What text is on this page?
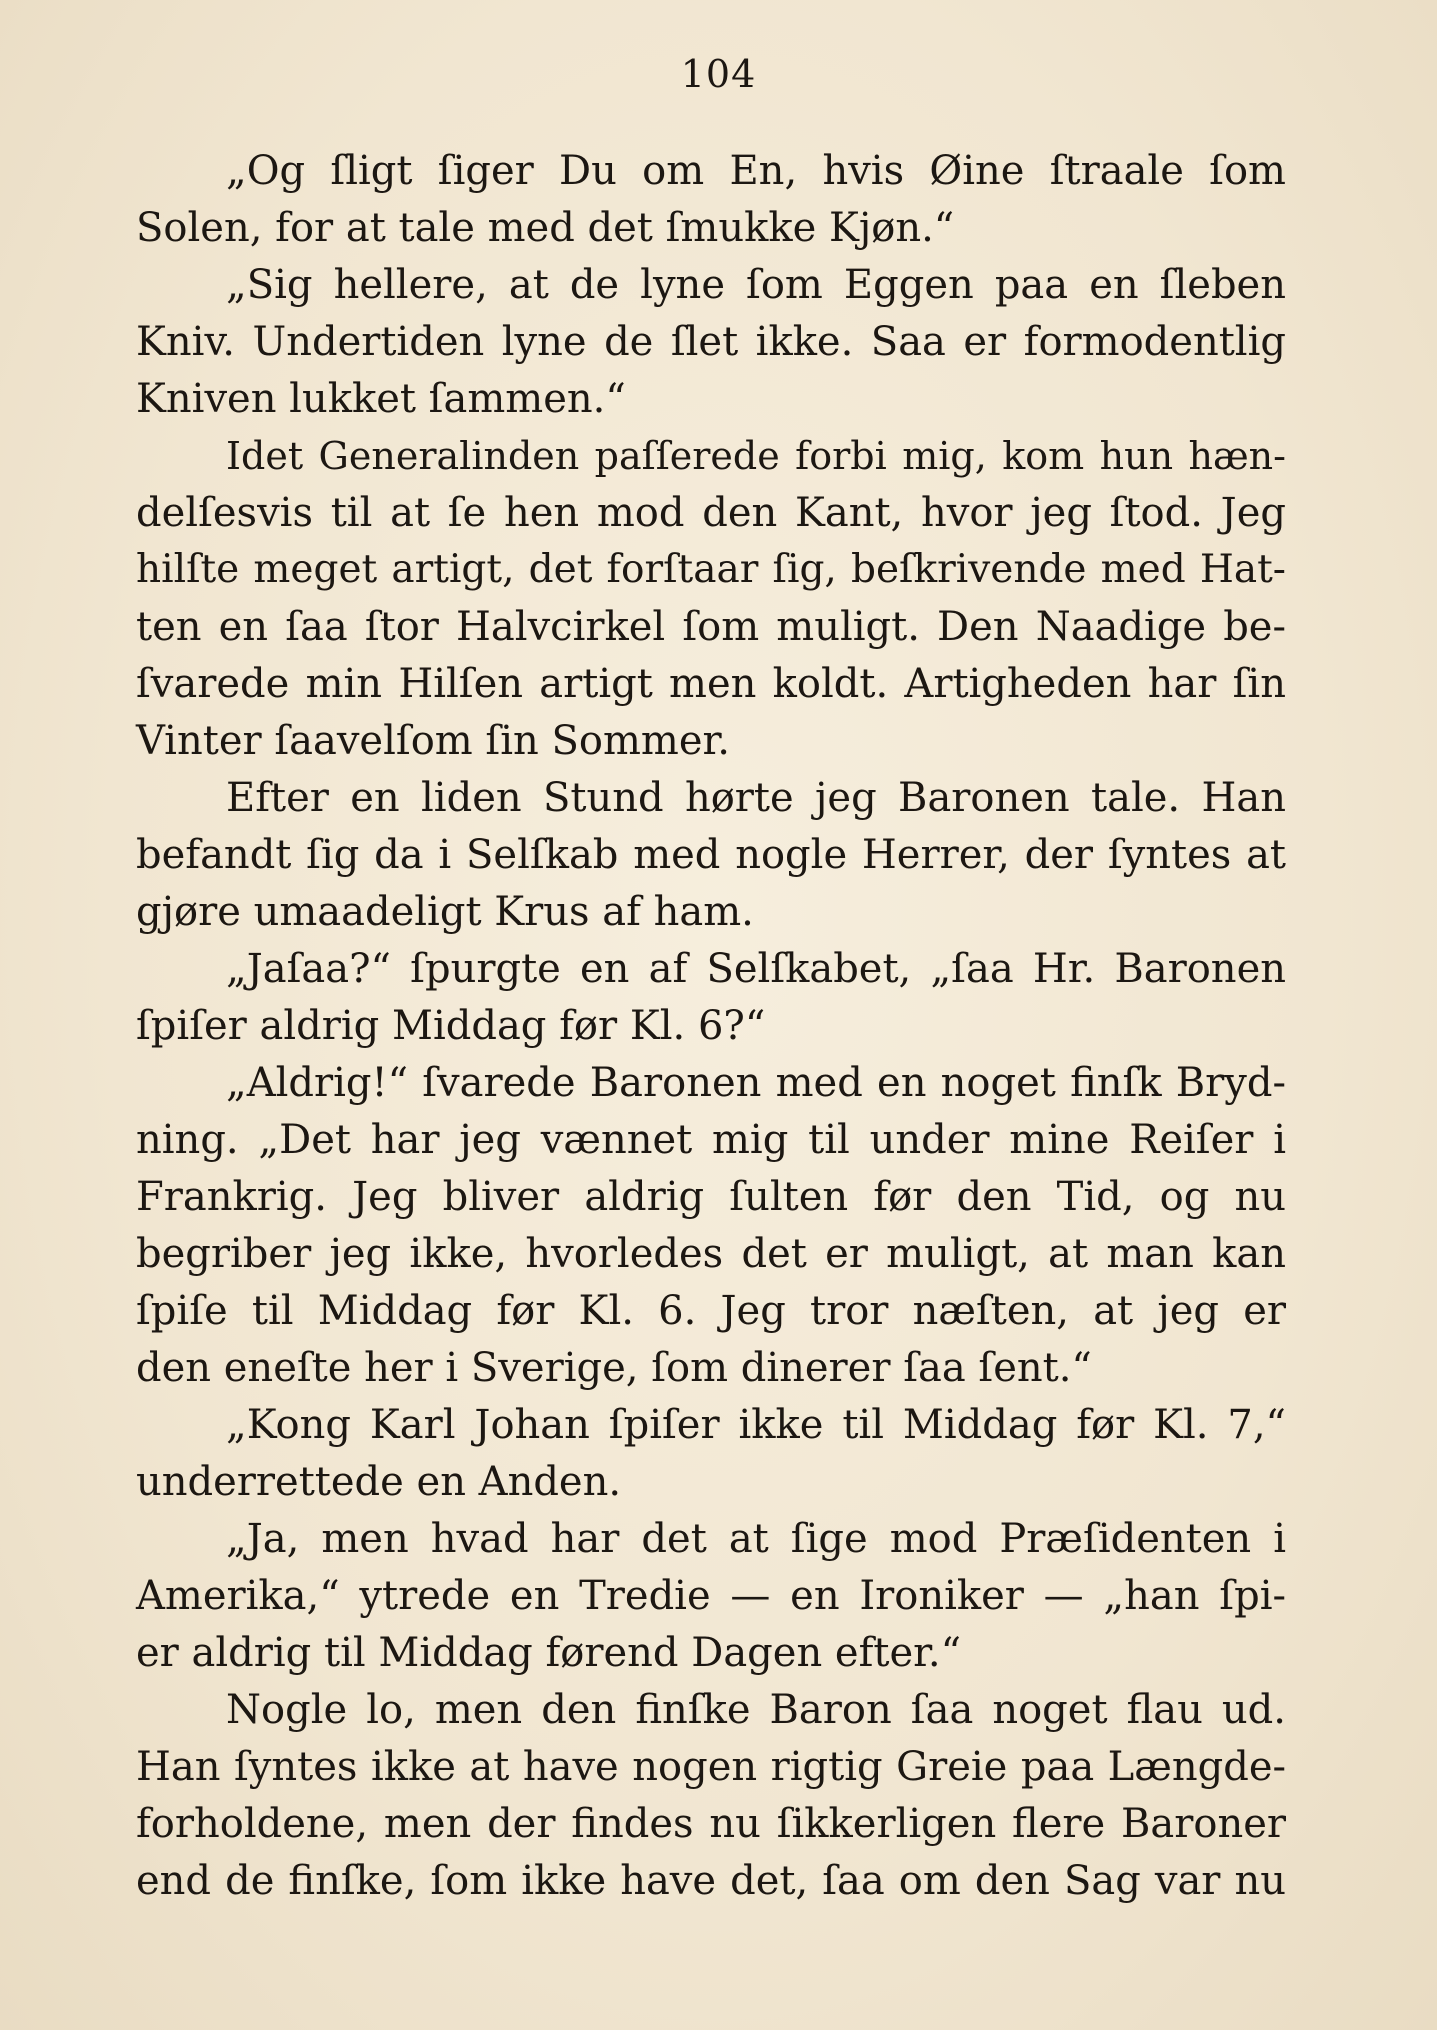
104
„Og ſligt ſiger Du om En, hvis Øine ſtraale ſom
Solen, for at tale med det ſmukke Kjøn.“
„Sig hellere, at de lyne ſom Eggen paa en ſleben
Kniv. Undertiden lyne de ſlet ikke. Saa er formodentlig
Kniven lukket ſammen.“
Idet Generalinden paſſerede forbi mig, kom hun hæn-
delſesvis til at ſe hen mod den Kant, hvor jeg ſtod. Jeg
hilſte meget artigt, det forſtaar ſig, beſkrivende med Hat-
ten en ſaa ſtor Halvcirkel ſom muligt. Den Naadige be-
ſvarede min Hilſen artigt men koldt. Artigheden har ſin
Vinter ſaavelſom ſin Sommer.
Efter en liden Stund hørte jeg Baronen tale. Han
befandt ſig da i Selſkab med nogle Herrer, der ſyntes at
gjøre umaadeligt Krus af ham.
„Jaſaa?“ ſpurgte en af Selſkabet, „ſaa Hr. Baronen
ſpiſer aldrig Middag før Kl. 6?“
„Aldrig!“ ſvarede Baronen med en noget finſk Bryd-
ning. „Det har jeg vænnet mig til under mine Reiſer i
Frankrig. Jeg bliver aldrig ſulten før den Tid, og nu
begriber jeg ikke, hvorledes det er muligt, at man kan
ſpiſe til Middag før Kl. 6. Jeg tror næſten, at jeg er
den eneſte her i Sverige, ſom dinerer ſaa ſent.“
„Kong Karl Johan ſpiſer ikke til Middag før Kl. 7,“
underrettede en Anden.
„Ja, men hvad har det at ſige mod Præſidenten i
Amerika,“ ytrede en Tredie — en Ironiker — „han ſpi-
er aldrig til Middag førend Dagen efter.“
Nogle lo, men den finſke Baron ſaa noget flau ud.
Han ſyntes ikke at have nogen rigtig Greie paa Længde-
forholdene, men der findes nu ſikkerligen flere Baroner
end de finſke, ſom ikke have det, ſaa om den Sag var nu
